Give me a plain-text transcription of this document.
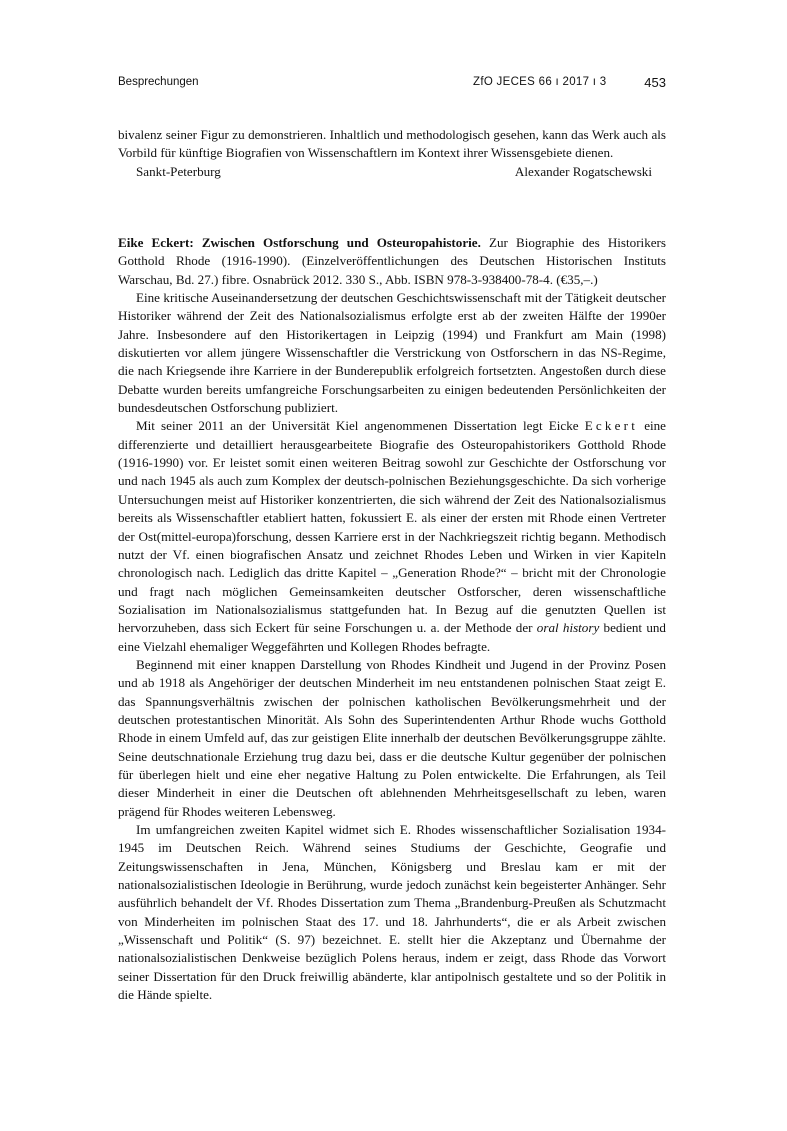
Besprechungen	ZfO JECES 66 ı 2017 ı 3	453

bivalenz seiner Figur zu demonstrieren. Inhaltlich und methodologisch gesehen, kann das Werk auch als Vorbild für künftige Biografien von Wissenschaftlern im Kontext ihrer Wissensgebiete dienen.

Sankt-Peterburg	Alexander Rogatschewski

Eike Eckert: Zwischen Ostforschung und Osteuropahistorie. Zur Biographie des Historikers Gotthold Rhode (1916-1990). (Einzelveröffentlichungen des Deutschen Historischen Instituts Warschau, Bd. 27.) fibre. Osnabrück 2012. 330 S., Abb. ISBN 978-3-938400-78-4. (€35,–.)

Eine kritische Auseinandersetzung der deutschen Geschichtswissenschaft mit der Tätigkeit deutscher Historiker während der Zeit des Nationalsozialismus erfolgte erst ab der zweiten Hälfte der 1990er Jahre. Insbesondere auf den Historikertagen in Leipzig (1994) und Frankfurt am Main (1998) diskutierten vor allem jüngere Wissenschaftler die Verstrickung von Ostforschern in das NS-Regime, die nach Kriegsende ihre Karriere in der Bunderepublik erfolgreich fortsetzten. Angestoßen durch diese Debatte wurden bereits umfangreiche Forschungsarbeiten zu einigen bedeutenden Persönlichkeiten der bundesdeutschen Ostforschung publiziert.

Mit seiner 2011 an der Universität Kiel angenommenen Dissertation legt Eicke Eckert eine differenzierte und detailliert herausgearbeitete Biografie des Osteuropahistorikers Gotthold Rhode (1916-1990) vor. Er leistet somit einen weiteren Beitrag sowohl zur Geschichte der Ostforschung vor und nach 1945 als auch zum Komplex der deutsch-polnischen Beziehungsgeschichte. Da sich vorherige Untersuchungen meist auf Historiker konzentrierten, die sich während der Zeit des Nationalsozialismus bereits als Wissenschaftler etabliert hatten, fokussiert E. als einer der ersten mit Rhode einen Vertreter der Ost(mittel-europa)forschung, dessen Karriere erst in der Nachkriegszeit richtig begann. Methodisch nutzt der Vf. einen biografischen Ansatz und zeichnet Rhodes Leben und Wirken in vier Kapiteln chronologisch nach. Lediglich das dritte Kapitel – „Generation Rhode?“ – bricht mit der Chronologie und fragt nach möglichen Gemeinsamkeiten deutscher Ostforscher, deren wissenschaftliche Sozialisation im Nationalsozialismus stattgefunden hat. In Bezug auf die genutzten Quellen ist hervorzuheben, dass sich Eckert für seine Forschungen u. a. der Methode der oral history bedient und eine Vielzahl ehemaliger Weggefährten und Kollegen Rhodes befragte.

Beginnend mit einer knappen Darstellung von Rhodes Kindheit und Jugend in der Provinz Posen und ab 1918 als Angehöriger der deutschen Minderheit im neu entstandenen polnischen Staat zeigt E. das Spannungsverhältnis zwischen der polnischen katholischen Bevölkerungsmehrheit und der deutschen protestantischen Minorität. Als Sohn des Superintendenten Arthur Rhode wuchs Gotthold Rhode in einem Umfeld auf, das zur geistigen Elite innerhalb der deutschen Bevölkerungsgruppe zählte. Seine deutschnationale Erziehung trug dazu bei, dass er die deutsche Kultur gegenüber der polnischen für überlegen hielt und eine eher negative Haltung zu Polen entwickelte. Die Erfahrungen, als Teil dieser Minderheit in einer die Deutschen oft ablehnenden Mehrheitsgesellschaft zu leben, waren prägend für Rhodes weiteren Lebensweg.

Im umfangreichen zweiten Kapitel widmet sich E. Rhodes wissenschaftlicher Sozialisation 1934-1945 im Deutschen Reich. Während seines Studiums der Geschichte, Geografie und Zeitungswissenschaften in Jena, München, Königsberg und Breslau kam er mit der nationalsozialistischen Ideologie in Berührung, wurde jedoch zunächst kein begeisterter Anhänger. Sehr ausführlich behandelt der Vf. Rhodes Dissertation zum Thema „Brandenburg-Preußen als Schutzmacht von Minderheiten im polnischen Staat des 17. und 18. Jahrhunderts“, die er als Arbeit zwischen „Wissenschaft und Politik“ (S. 97) bezeichnet. E. stellt hier die Akzeptanz und Übernahme der nationalsozialistischen Denkweise bezüglich Polens heraus, indem er zeigt, dass Rhode das Vorwort seiner Dissertation für den Druck freiwillig abänderte, klar antipolnisch gestaltete und so der Politik in die Hände spielte.
